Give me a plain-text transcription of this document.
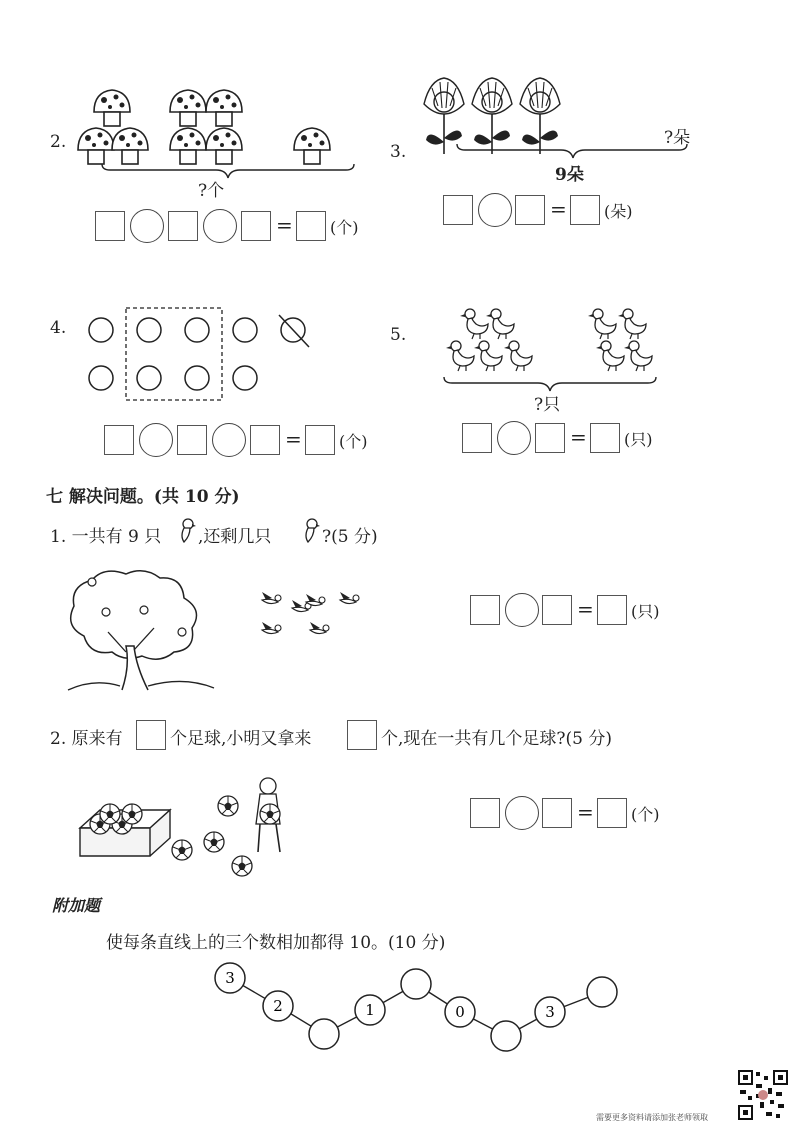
2.
?个
= (个)
3.
?朵
9朵
= (朵)
4.
= (个)
5.
?只
= (只)
七 解决问题。(共 10 分)
1. 一共有 9 只 ,还剩几只	?(5 分)
= (只)
2. 原来有	个足球,小明又拿来	个,现在一共有几个足球?(5 分)
= (个)
附加题
使每条直线上的三个数相加都得 10。(10 分)
3
2	1	0	3
需要更多资料请添加张老师领取
